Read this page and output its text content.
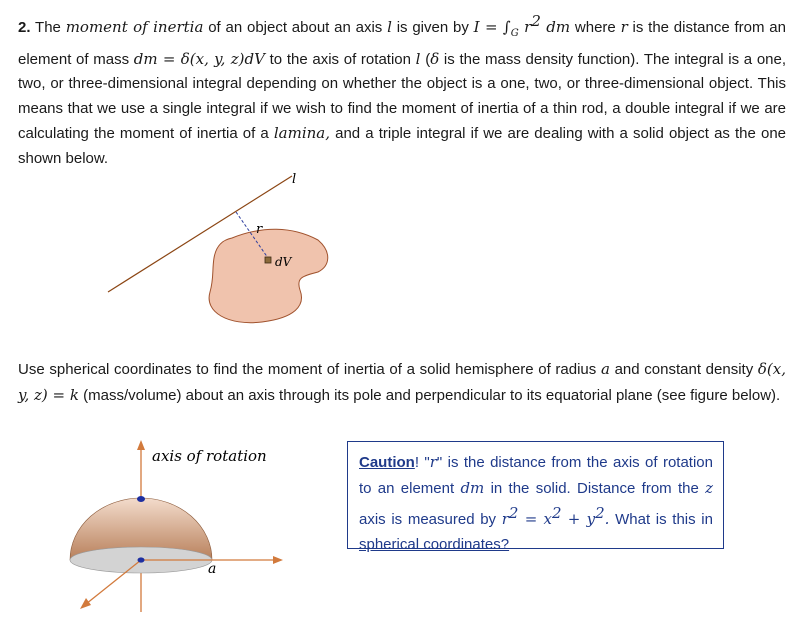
2. The moment of inertia of an object about an axis l is given by $I = \int_G$ $r^2$ dm where r is the distance from an element of mass dm = δ(x, y, z)dV to the axis of rotation l (δ is the mass density function). The integral is a one, two, or three-dimensional integral depending on whether the object is a one, two, or three-dimensional object. This means that we use a single integral if we wish to find the moment of inertia of a thin rod, a double integral if we are calculating the moment of inertia of a lamina, and a triple integral if we are dealing with a solid object as the one shown below.
l
r
dV
Use spherical coordinates to find the moment of inertia of a solid hemisphere of radius a and constant density δ(x, y, z) = k (mass/volume) about an axis through its pole and perpendicular to its equatorial plane (see figure below).
axis of rotation
a
Caution! "r" is the distance from the axis of rotation to an element dm in the solid. Distance from the z axis is measured by $r^2 = x^2 + y^2$. What is this in spherical coordinates?
